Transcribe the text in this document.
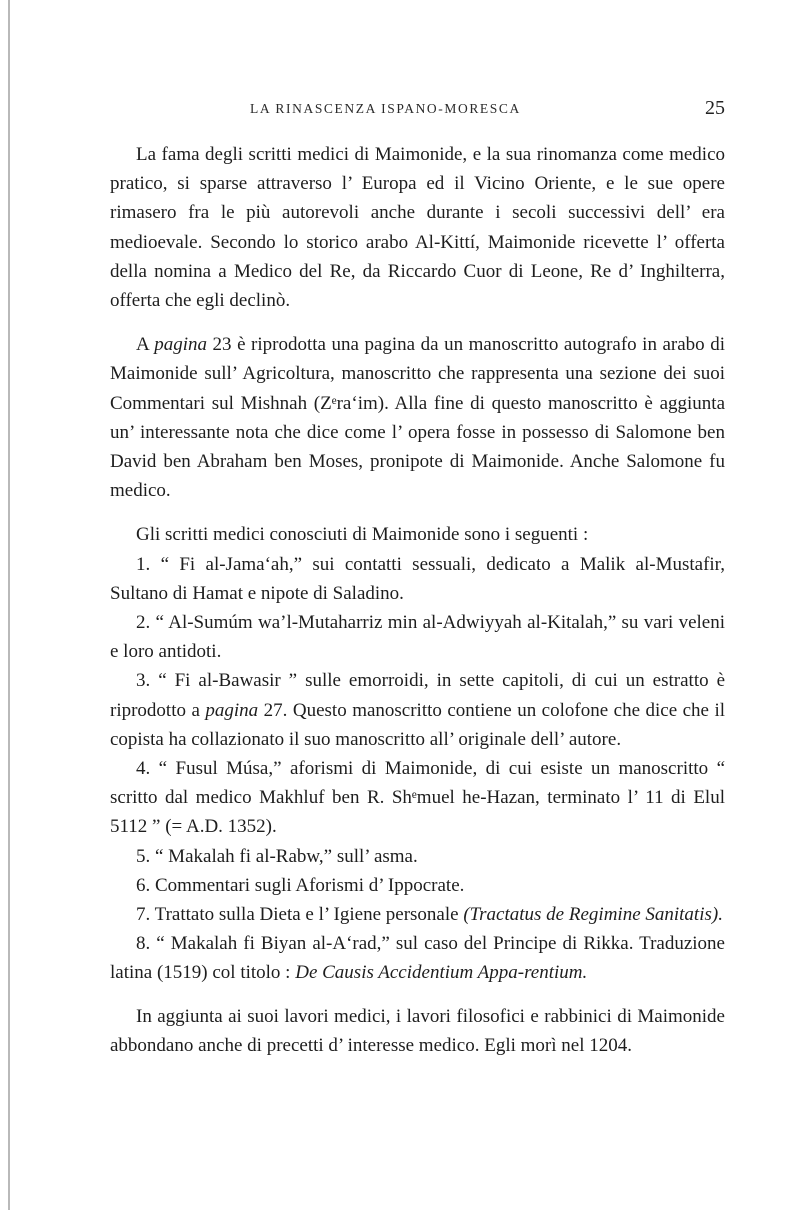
LA RINASCENZA ISPANO-MORESCA	25

La fama degli scritti medici di Maimonide, e la sua rinomanza come medico pratico, si sparse attraverso l’ Europa ed il Vicino Oriente, e le sue opere rimasero fra le più autorevoli anche durante i secoli successivi dell’ era medioevale. Secondo lo storico arabo Al-Kittí, Maimonide ricevette l’ offerta della nomina a Medico del Re, da Riccardo Cuor di Leone, Re d’ Inghilterra, offerta che egli declinò.

A pagina 23 è riprodotta una pagina da un manoscritto autografo in arabo di Maimonide sull’ Agricoltura, manoscritto che rappresenta una sezione dei suoi Commentari sul Mishnah (Zᵉra‘im). Alla fine di questo manoscritto è aggiunta un’ interessante nota che dice come l’ opera fosse in possesso di Salomone ben David ben Abraham ben Moses, pronipote di Maimonide. Anche Salomone fu medico.

Gli scritti medici conosciuti di Maimonide sono i seguenti :

1. “ Fi al-Jama‘ah,” sui contatti sessuali, dedicato a Malik al-Mustafir, Sultano di Hamat e nipote di Saladino.

2. “ Al-Sumúm wa’l-Mutaharriz min al-Adwiyyah al-Kitalah,” su vari veleni e loro antidoti.

3. “ Fi al-Bawasir ” sulle emorroidi, in sette capitoli, di cui un estratto è riprodotto a pagina 27. Questo manoscritto contiene un colofone che dice che il copista ha collazionato il suo manoscritto all’ originale dell’ autore.

4. “ Fusul Músa,” aforismi di Maimonide, di cui esiste un manoscritto “ scritto dal medico Makhluf ben R. Shᵉmuel he-Hazan, terminato l’ 11 di Elul 5112 ” (= A.D. 1352).

5. “ Makalah fi al-Rabw,” sull’ asma.

6. Commentari sugli Aforismi d’ Ippocrate.

7. Trattato sulla Dieta e l’ Igiene personale (Tractatus de Regimine Sanitatis).

8. “ Makalah fi Biyan al-A‘rad,” sul caso del Principe di Rikka. Traduzione latina (1519) col titolo : De Causis Accidentium Appa-rentium.

In aggiunta ai suoi lavori medici, i lavori filosofici e rabbinici di Maimonide abbondano anche di precetti d’ interesse medico. Egli morì nel 1204.
